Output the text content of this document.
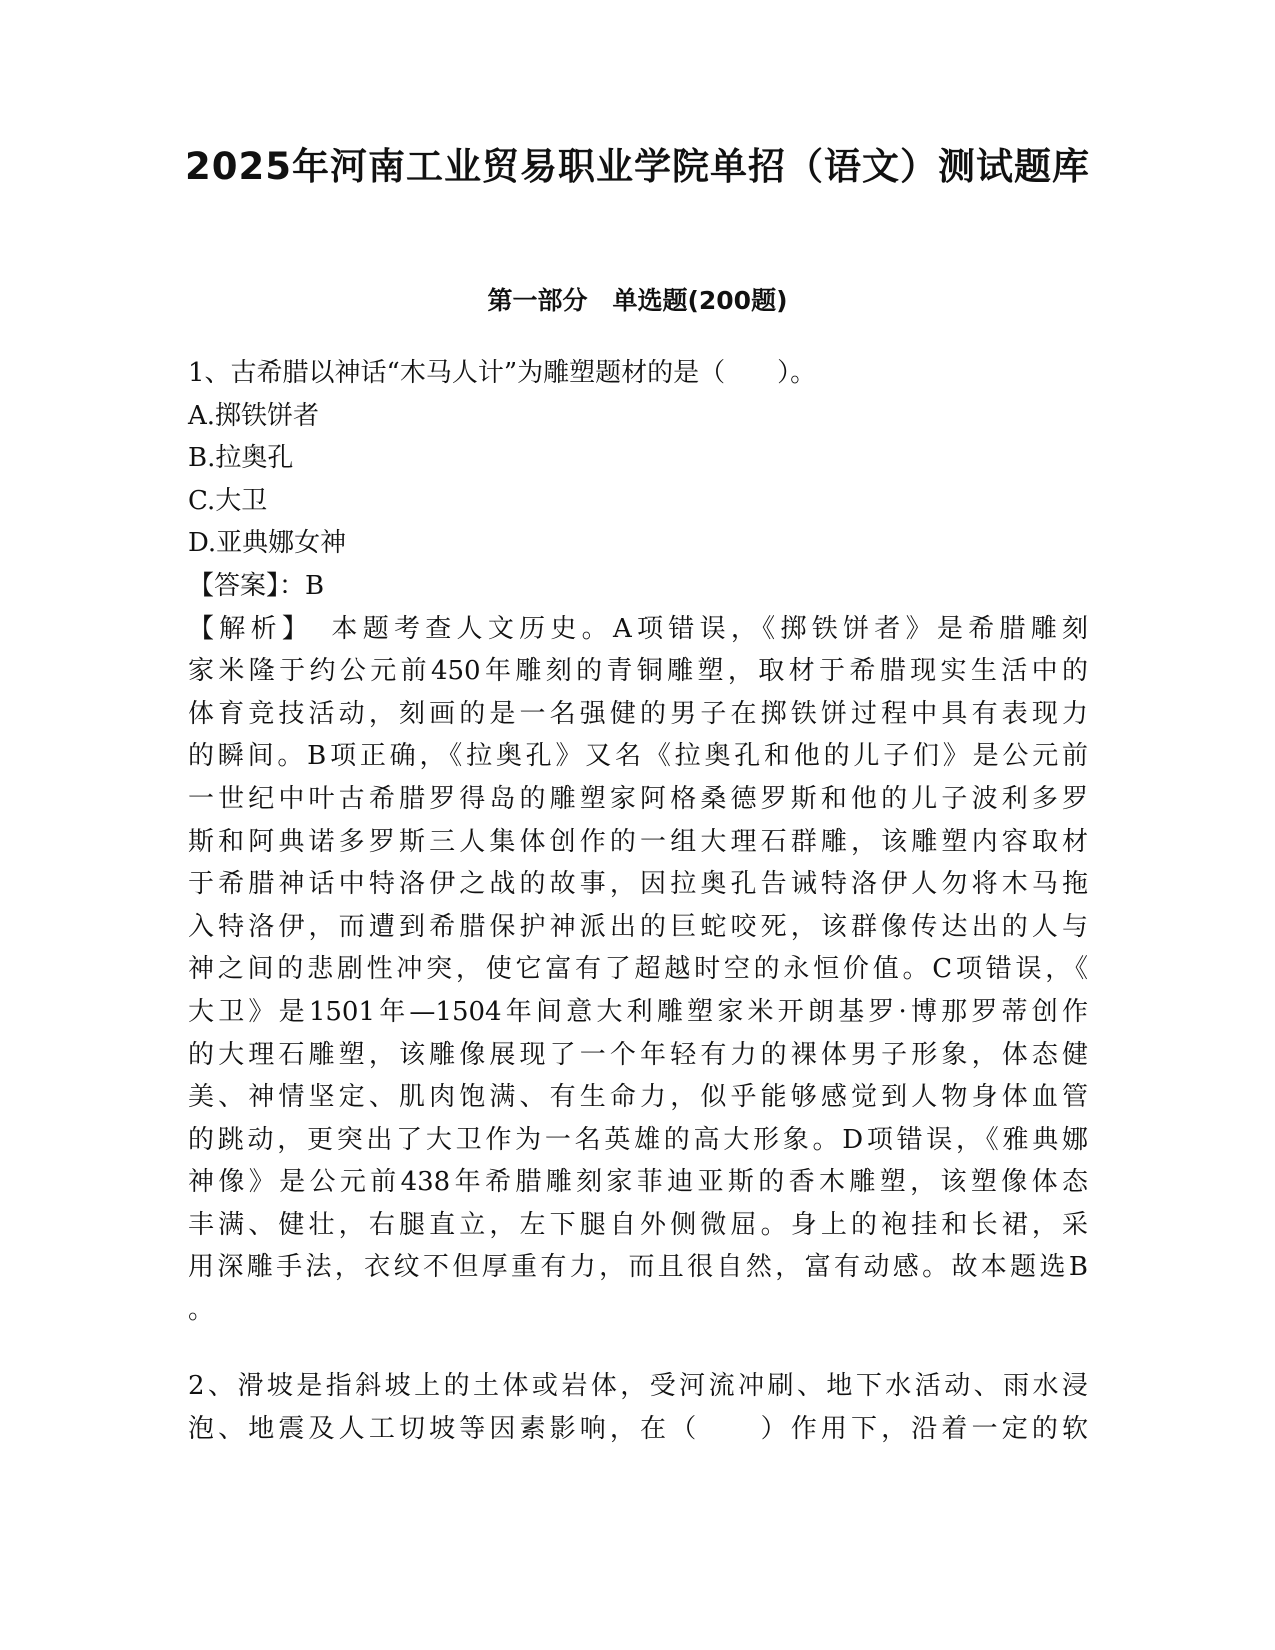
2025年河南工业贸易职业学院单招（语文）测试题库
第一部分　单选题(200题)
1、古希腊以神话“木马人计”为雕塑题材的是（　　）。
A.掷铁饼者
B.拉奥孔
C.大卫
D.亚典娜女神
【答案】：B
【解析】　本题考查人文历史。A项错误，《掷铁饼者》是希腊雕刻
家米隆于约公元前450年雕刻的青铜雕塑，取材于希腊现实生活中的
体育竞技活动，刻画的是一名强健的男子在掷铁饼过程中具有表现力
的瞬间。B项正确，《拉奥孔》又名《拉奥孔和他的儿子们》是公元前
一世纪中叶古希腊罗得岛的雕塑家阿格桑德罗斯和他的儿子波利多罗
斯和阿典诺多罗斯三人集体创作的一组大理石群雕，该雕塑内容取材
于希腊神话中特洛伊之战的故事，因拉奥孔告诫特洛伊人勿将木马拖
入特洛伊，而遭到希腊保护神派出的巨蛇咬死，该群像传达出的人与
神之间的悲剧性冲突，使它富有了超越时空的永恒价值。C项错误，《
大卫》是1501年—1504年间意大利雕塑家米开朗基罗·博那罗蒂创作
的大理石雕塑，该雕像展现了一个年轻有力的裸体男子形象，体态健
美、神情坚定、肌肉饱满、有生命力，似乎能够感觉到人物身体血管
的跳动，更突出了大卫作为一名英雄的高大形象。D项错误，《雅典娜
神像》是公元前438年希腊雕刻家菲迪亚斯的香木雕塑，该塑像体态
丰满、健壮，右腿直立，左下腿自外侧微屈。身上的袍挂和长裙，采
用深雕手法，衣纹不但厚重有力，而且很自然，富有动感。故本题选B
。
2、滑坡是指斜坡上的土体或岩体，受河流冲刷、地下水活动、雨水浸
泡、地震及人工切坡等因素影响，在（　　）作用下，沿着一定的软
